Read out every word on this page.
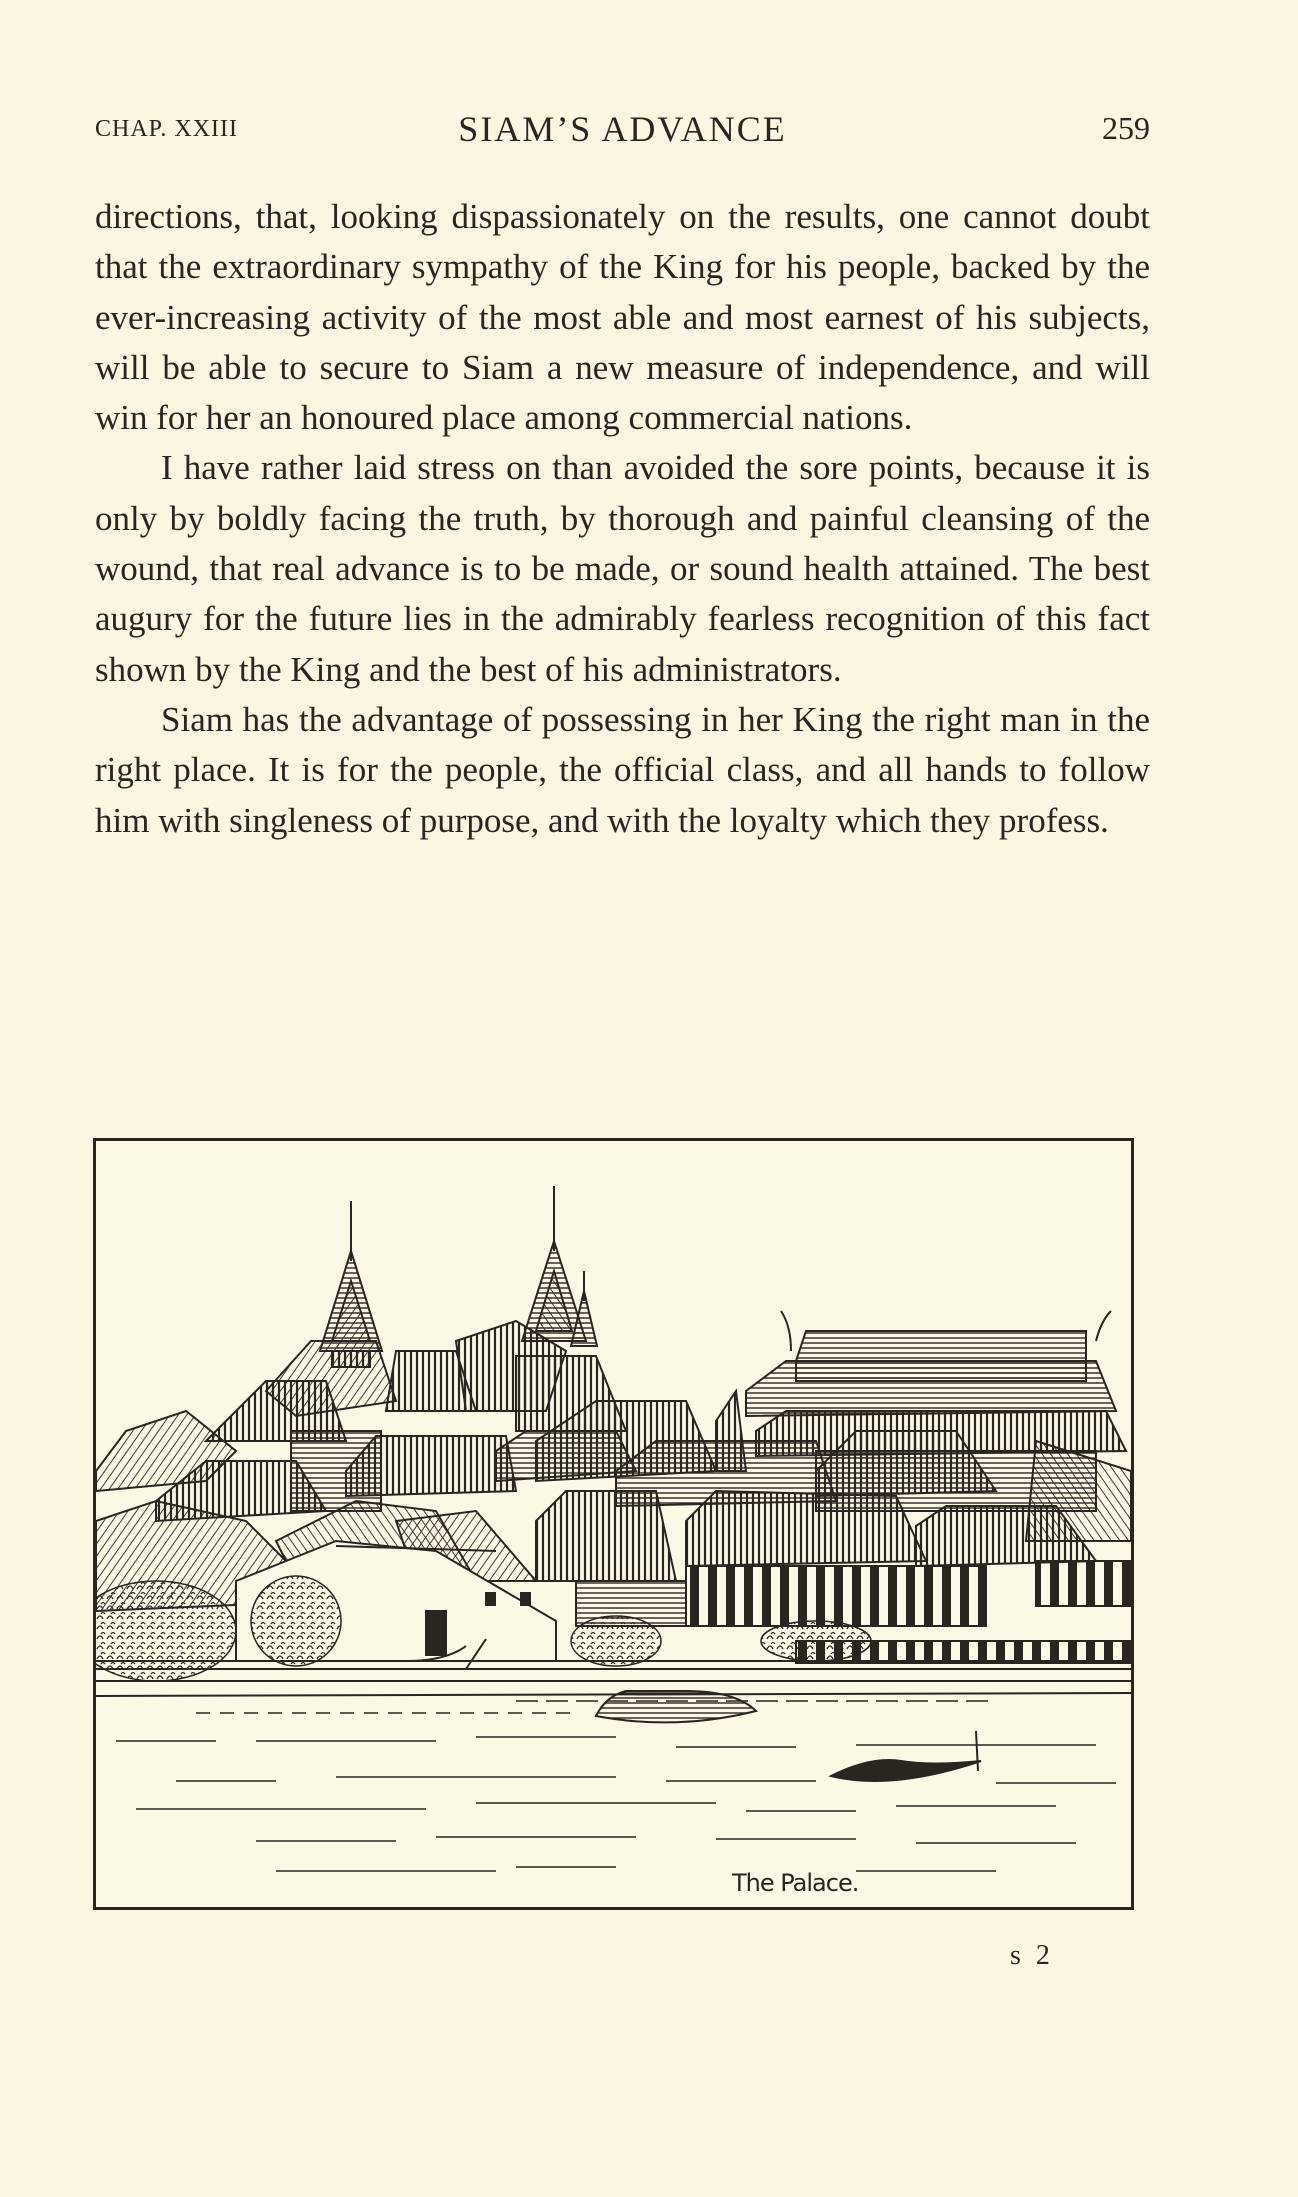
CHAP. XXIII	SIAM’S ADVANCE	259

directions, that, looking dispassionately on the results, one cannot doubt that the extraordinary sympathy of the King for his people, backed by the ever-increasing activity of the most able and most earnest of his subjects, will be able to secure to Siam a new measure of independence, and will win for her an honoured place among commercial nations.

I have rather laid stress on than avoided the sore points, because it is only by boldly facing the truth, by thorough and painful cleansing of the wound, that real advance is to be made, or sound health attained. The best augury for the future lies in the admirably fearless recognition of this fact shown by the King and the best of his administrators.

Siam has the advantage of possessing in her King the right man in the right place. It is for the people, the official class, and all hands to follow him with singleness of purpose, and with the loyalty which they profess.

The Palace.
s 2
